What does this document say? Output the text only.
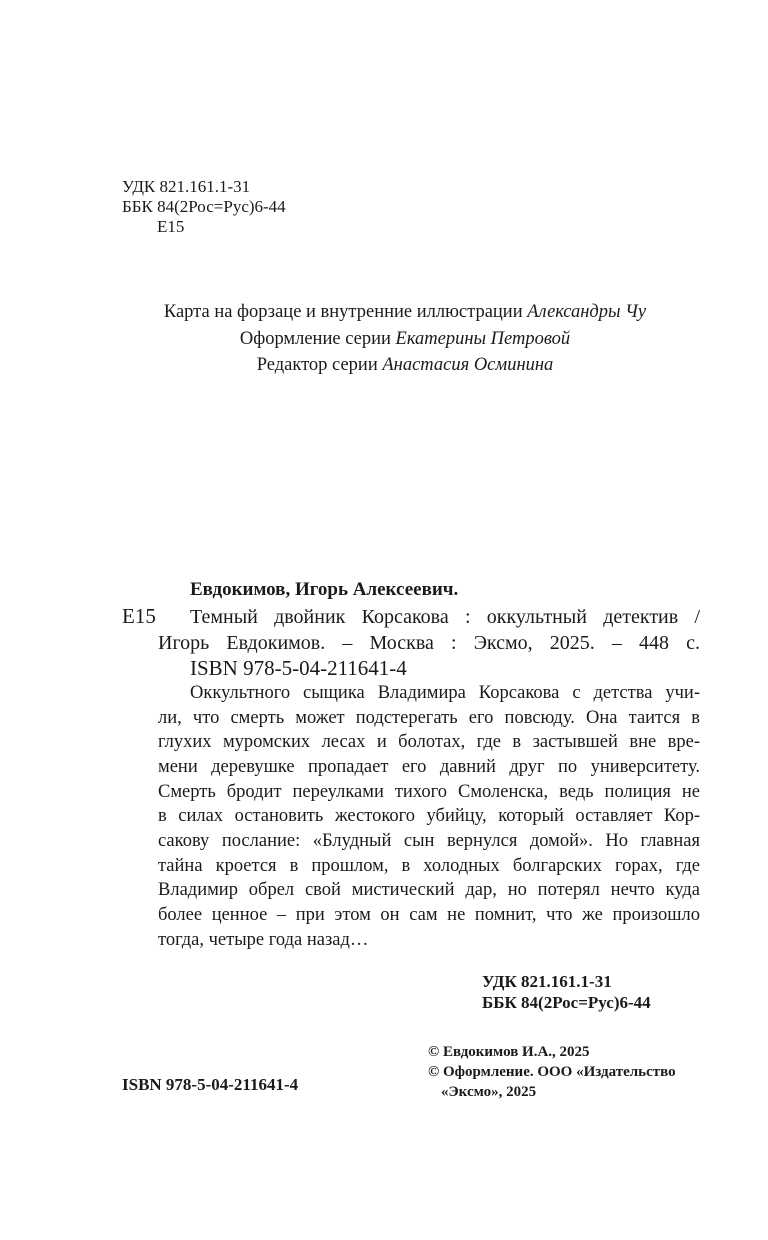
УДК 821.161.1-31
ББК 84(2Рос=Рус)6-44
Е15
Карта на форзаце и внутренние иллюстрации Александры Чу
Оформление серии Екатерины Петровой
Редактор серии Анастасия Осминина
Евдокимов, Игорь Алексеевич.
Е15 Темный двойник Корсакова : оккультный детектив /
Игорь Евдокимов. – Москва : Эксмо, 2025. – 448 с.
ISBN 978-5-04-211641-4
Оккультного сыщика Владимира Корсакова с детства учи-
ли, что смерть может подстерегать его повсюду. Она таится в
глухих муромских лесах и болотах, где в застывшей вне вре-
мени деревушке пропадает его давний друг по университету.
Смерть бродит переулками тихого Смоленска, ведь полиция не
в силах остановить жестокого убийцу, который оставляет Кор-
сакову послание: «Блудный сын вернулся домой». Но главная
тайна кроется в прошлом, в холодных болгарских горах, где
Владимир обрел свой мистический дар, но потерял нечто куда
более ценное – при этом он сам не помнит, что же произошло
тогда, четыре года назад…
УДК 821.161.1-31
ББК 84(2Рос=Рус)6-44
© Евдокимов И.А., 2025
© Оформление. ООО «Издательство
«Эксмо», 2025
ISBN 978-5-04-211641-4
